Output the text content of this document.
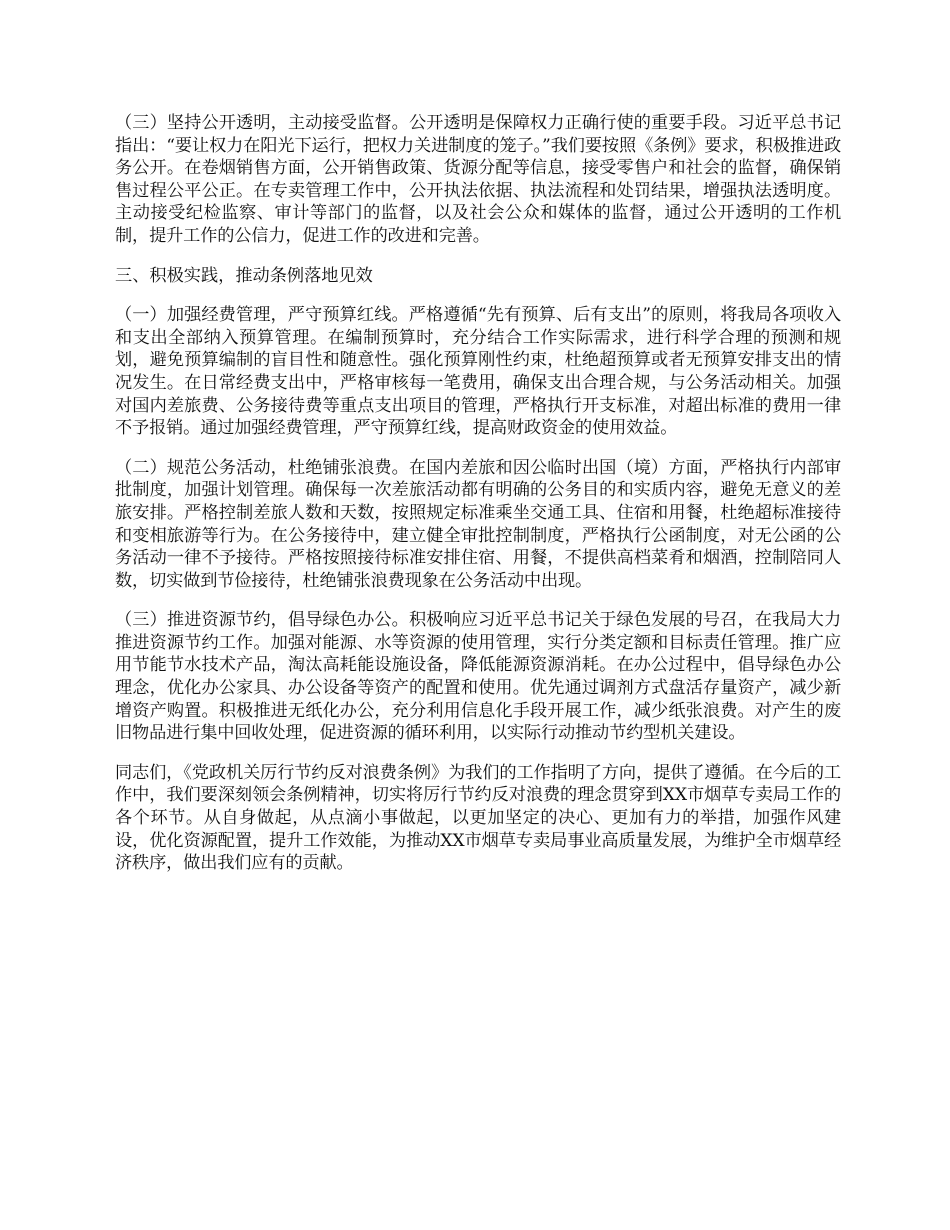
（三）坚持公开透明，主动接受监督。公开透明是保障权力正确行使的重要手段。习近平总书记指出：“要让权力在阳光下运行，把权力关进制度的笼子。”我们要按照《条例》要求，积极推进政务公开。在卷烟销售方面，公开销售政策、货源分配等信息，接受零售户和社会的监督，确保销售过程公平公正。在专卖管理工作中，公开执法依据、执法流程和处罚结果，增强执法透明度。主动接受纪检监察、审计等部门的监督，以及社会公众和媒体的监督，通过公开透明的工作机制，提升工作的公信力，促进工作的改进和完善。

三、积极实践，推动条例落地见效

（一）加强经费管理，严守预算红线。严格遵循“先有预算、后有支出”的原则，将我局各项收入和支出全部纳入预算管理。在编制预算时，充分结合工作实际需求，进行科学合理的预测和规划，避免预算编制的盲目性和随意性。强化预算刚性约束，杜绝超预算或者无预算安排支出的情况发生。在日常经费支出中，严格审核每一笔费用，确保支出合理合规，与公务活动相关。加强对国内差旅费、公务接待费等重点支出项目的管理，严格执行开支标准，对超出标准的费用一律不予报销。通过加强经费管理，严守预算红线，提高财政资金的使用效益。

（二）规范公务活动，杜绝铺张浪费。在国内差旅和因公临时出国（境）方面，严格执行内部审批制度，加强计划管理。确保每一次差旅活动都有明确的公务目的和实质内容，避免无意义的差旅安排。严格控制差旅人数和天数，按照规定标准乘坐交通工具、住宿和用餐，杜绝超标准接待和变相旅游等行为。在公务接待中，建立健全审批控制制度，严格执行公函制度，对无公函的公务活动一律不予接待。严格按照接待标准安排住宿、用餐，不提供高档菜肴和烟酒，控制陪同人数，切实做到节俭接待，杜绝铺张浪费现象在公务活动中出现。

（三）推进资源节约，倡导绿色办公。积极响应习近平总书记关于绿色发展的号召，在我局大力推进资源节约工作。加强对能源、水等资源的使用管理，实行分类定额和目标责任管理。推广应用节能节水技术产品，淘汰高耗能设施设备，降低能源资源消耗。在办公过程中，倡导绿色办公理念，优化办公家具、办公设备等资产的配置和使用。优先通过调剂方式盘活存量资产，减少新增资产购置。积极推进无纸化办公，充分利用信息化手段开展工作，减少纸张浪费。对产生的废旧物品进行集中回收处理，促进资源的循环利用，以实际行动推动节约型机关建设。

同志们，《党政机关厉行节约反对浪费条例》为我们的工作指明了方向，提供了遵循。在今后的工作中，我们要深刻领会条例精神，切实将厉行节约反对浪费的理念贯穿到XX市烟草专卖局工作的各个环节。从自身做起，从点滴小事做起，以更加坚定的决心、更加有力的举措，加强作风建设，优化资源配置，提升工作效能，为推动XX市烟草专卖局事业高质量发展，为维护全市烟草经济秩序，做出我们应有的贡献。
